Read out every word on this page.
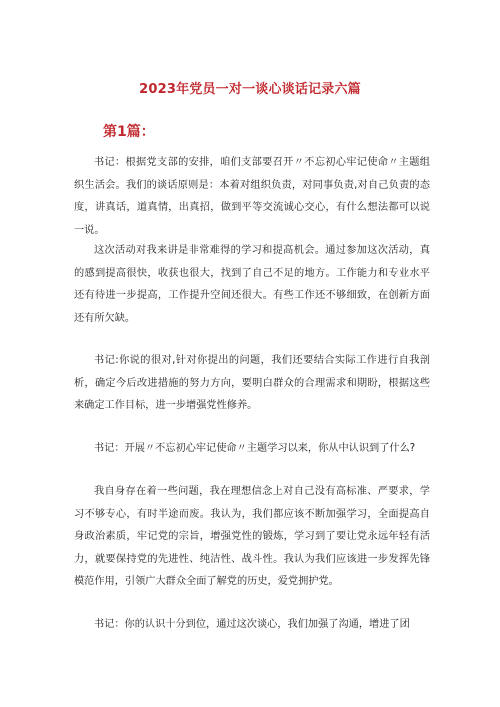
2023年党员一对一谈心谈话记录六篇
第1篇：

书记：根据党支部的安排，咱们支部要召开〃不忘初心牢记使命〃主题组织生活会。我们的谈话原则是：本着对组织负责，对同事负责,对自己负责的态度，讲真话，道真情，出真招，做到平等交流诚心交心，有什么想法都可以说一说。

这次活动对我来讲是非常难得的学习和提高机会。通过参加这次活动，真的感到提高很快，收获也很大，找到了自己不足的地方。工作能力和专业水平还有待进一步提高，工作提升空间还很大。有些工作还不够细致，在创新方面还有所欠缺。

书记:你说的很对,针对你提出的问题，我们还要结合实际工作进行自我剖析，确定今后改进措施的努力方向，要明白群众的合理需求和期盼，根据这些来确定工作目标，进一步增强党性修养。

书记：开展〃不忘初心牢记使命〃主题学习以来，你从中认识到了什么?

我自身存在着一些问题，我在理想信念上对自己没有高标准、严要求，学习不够专心，有时半途而废。我认为，我们都应该不断加强学习，全面提高自身政治素质，牢记党的宗旨，增强党性的锻炼，学习到了要让党永远年轻有活力，就要保持党的先进性、纯洁性、战斗性。我认为我们应该进一步发挥先锋模范作用，引领广大群众全面了解党的历史，爱党拥护党。

书记：你的认识十分到位，通过这次谈心，我们加强了沟通，增进了团
